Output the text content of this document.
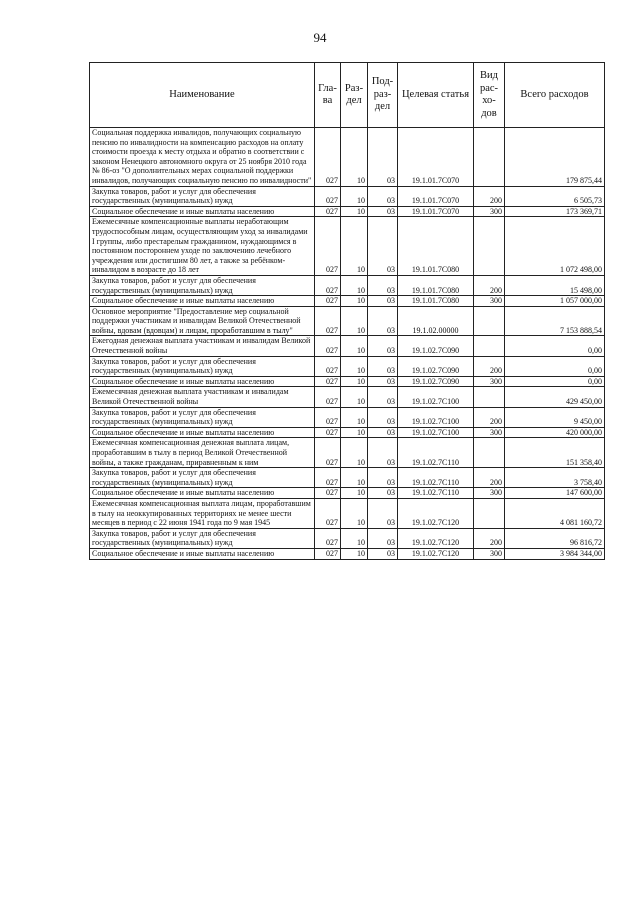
94
Наименование	Гла-ва	Раз-дел	Под-раз-дел	Целевая статья	Вид рас-хо-дов	Всего расходов
Социальная поддержка инвалидов, получающих социальную пенсию по инвалидности на компенсацию расходов на оплату стоимости проезда к месту отдыха и обратно в соответствии с законом Ненецкого автономного округа от 25 ноября 2010 года № 86-оз "О дополнительных мерах социальной поддержки инвалидов, получающих социальную пенсию по инвалидности"	027	10	03	19.1.01.7С070		179 875,44
Закупка товаров, работ и услуг для обеспечения государственных (муниципальных) нужд	027	10	03	19.1.01.7С070	200	6 505,73
Социальное обеспечение и иные выплаты населению	027	10	03	19.1.01.7С070	300	173 369,71
Ежемесячные компенсационные выплаты неработающим трудоспособным лицам, осуществляющим уход за инвалидами I группы, либо престарелым гражданином, нуждающимся в постоянном постороннем уходе по заключению лечебного учреждения или достигшим 80 лет, а также за ребёнком-инвалидом в возрасте до 18 лет	027	10	03	19.1.01.7С080		1 072 498,00
Закупка товаров, работ и услуг для обеспечения государственных (муниципальных) нужд	027	10	03	19.1.01.7С080	200	15 498,00
Социальное обеспечение и иные выплаты населению	027	10	03	19.1.01.7С080	300	1 057 000,00
Основное мероприятие "Предоставление мер социальной поддержки участникам и инвалидам Великой Отечественной войны, вдовам (вдовцам) и лицам, проработавшим в тылу"	027	10	03	19.1.02.00000		7 153 888,54
Ежегодная денежная выплата участникам и инвалидам Великой Отечественной войны	027	10	03	19.1.02.7С090		0,00
Закупка товаров, работ и услуг для обеспечения государственных (муниципальных) нужд	027	10	03	19.1.02.7С090	200	0,00
Социальное обеспечение и иные выплаты населению	027	10	03	19.1.02.7С090	300	0,00
Ежемесячная денежная выплата участникам и инвалидам Великой Отечественной войны	027	10	03	19.1.02.7С100		429 450,00
Закупка товаров, работ и услуг для обеспечения государственных (муниципальных) нужд	027	10	03	19.1.02.7С100	200	9 450,00
Социальное обеспечение и иные выплаты населению	027	10	03	19.1.02.7С100	300	420 000,00
Ежемесячная компенсационная денежная выплата лицам, проработавшим в тылу в период Великой Отечественной войны, а также гражданам, приравненным к ним	027	10	03	19.1.02.7С110		151 358,40
Закупка товаров, работ и услуг для обеспечения государственных (муниципальных) нужд	027	10	03	19.1.02.7С110	200	3 758,40
Социальное обеспечение и иные выплаты населению	027	10	03	19.1.02.7С110	300	147 600,00
Ежемесячная компенсационная выплата лицам, проработавшим в тылу на неоккупированных территориях не менее шести месяцев в период с 22 июня 1941 года по 9 мая 1945	027	10	03	19.1.02.7С120		4 081 160,72
Закупка товаров, работ и услуг для обеспечения государственных (муниципальных) нужд	027	10	03	19.1.02.7С120	200	96 816,72
Социальное обеспечение и иные выплаты населению	027	10	03	19.1.02.7С120	300	3 984 344,00
